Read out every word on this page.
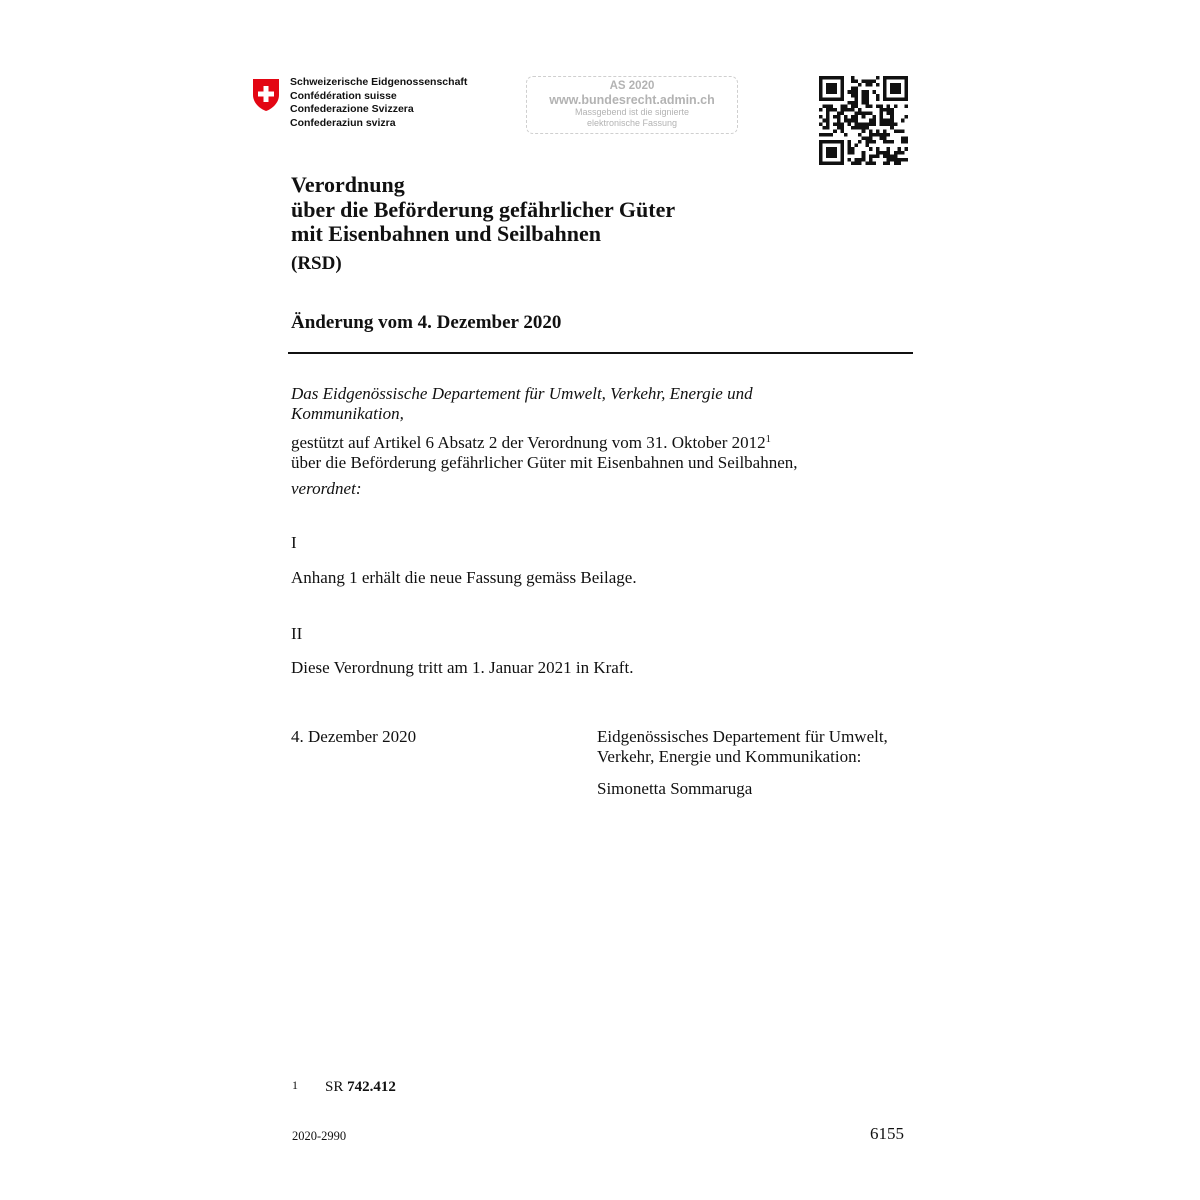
Schweizerische Eidgenossenschaft
Confédération suisse
Confederazione Svizzera
Confederaziun svizra
AS 2020
www.bundesrecht.admin.ch
Massgebend ist die signierte
elektronische Fassung
Verordnung
über die Beförderung gefährlicher Güter
mit Eisenbahnen und Seilbahnen
(RSD)
Änderung vom 4. Dezember 2020
Das Eidgenössische Departement für Umwelt, Verkehr, Energie und
Kommunikation,
gestützt auf Artikel 6 Absatz 2 der Verordnung vom 31. Oktober 2012$^1$
über die Beförderung gefährlicher Güter mit Eisenbahnen und Seilbahnen,
verordnet:
I
Anhang 1 erhält die neue Fassung gemäss Beilage.
II
Diese Verordnung tritt am 1. Januar 2021 in Kraft.
4. Dezember 2020	Eidgenössisches Departement für Umwelt,
Verkehr, Energie und Kommunikation:
Simonetta Sommaruga
1 SR 742.412
2020-2990	6155
